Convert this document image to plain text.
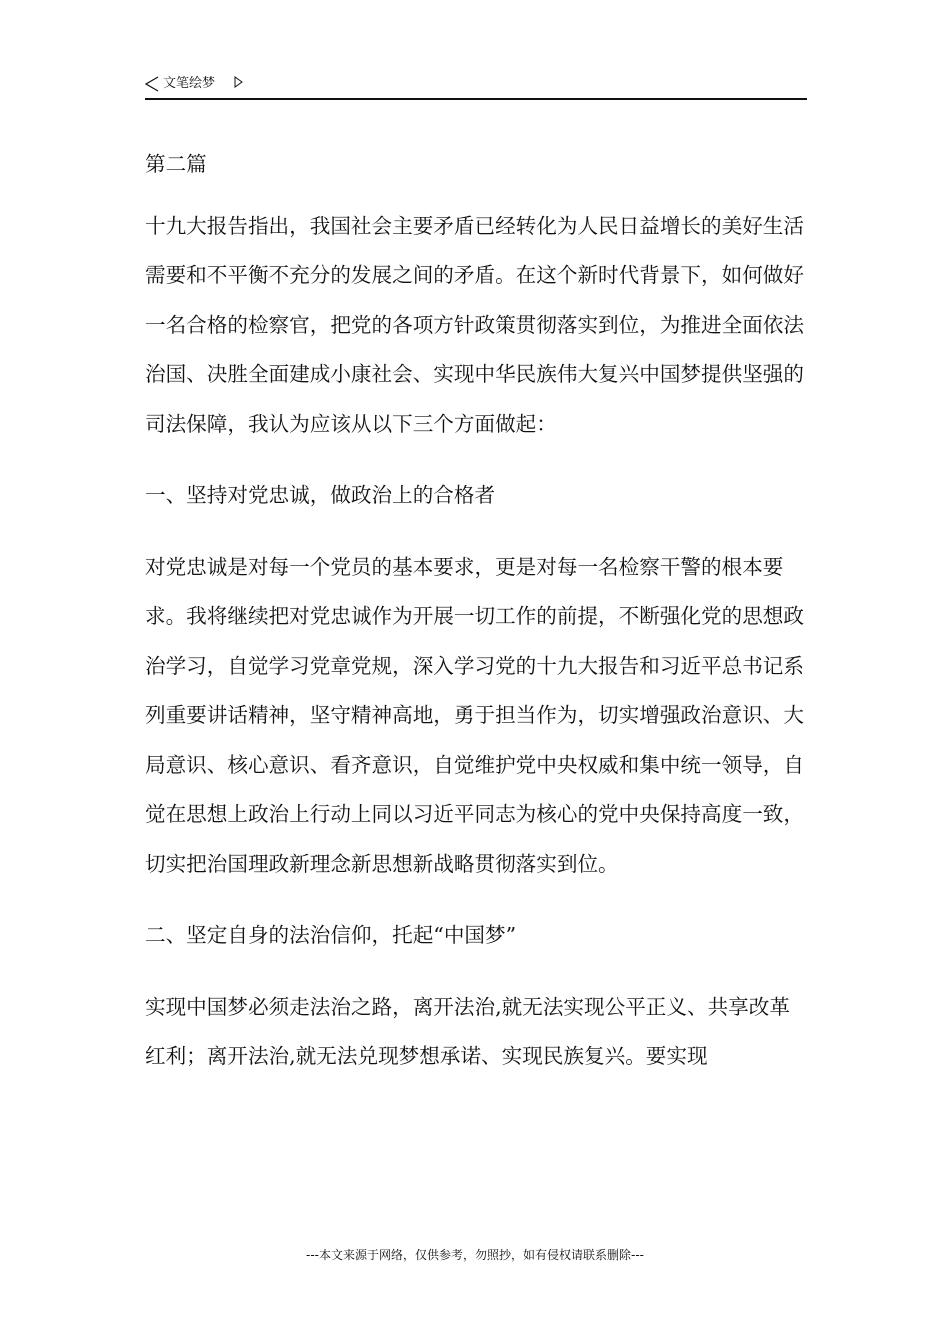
文笔绘梦

第二篇

十九大报告指出，我国社会主要矛盾已经转化为人民日益增长的美好生活需要和不平衡不充分的发展之间的矛盾。在这个新时代背景下，如何做好一名合格的检察官，把党的各项方针政策贯彻落实到位，为推进全面依法治国、决胜全面建成小康社会、实现中华民族伟大复兴中国梦提供坚强的司法保障，我认为应该从以下三个方面做起：

一、坚持对党忠诚，做政治上的合格者

对党忠诚是对每一个党员的基本要求，更是对每一名检察干警的根本要求。我将继续把对党忠诚作为开展一切工作的前提，不断强化党的思想政治学习，自觉学习党章党规，深入学习党的十九大报告和习近平总书记系列重要讲话精神，坚守精神高地，勇于担当作为，切实增强政治意识、大局意识、核心意识、看齐意识，自觉维护党中央权威和集中统一领导，自觉在思想上政治上行动上同以习近平同志为核心的党中央保持高度一致，切实把治国理政新理念新思想新战略贯彻落实到位。

二、坚定自身的法治信仰，托起“中国梦”

实现中国梦必须走法治之路，离开法治,就无法实现公平正义、共享改革红利；离开法治,就无法兑现梦想承诺、实现民族复兴。要实现

---本文来源于网络，仅供参考，勿照抄，如有侵权请联系删除---
